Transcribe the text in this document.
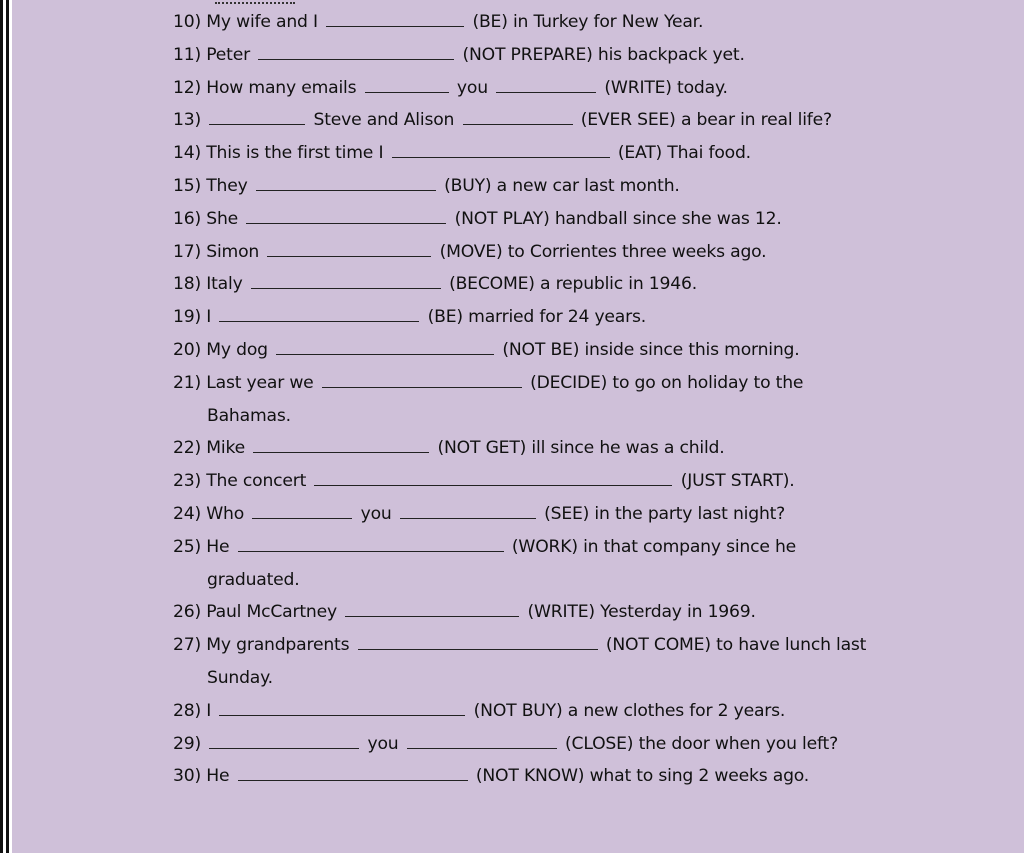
10) My wife and I	(BE) in Turkey for New Year.
11) Peter	(NOT PREPARE) his backpack yet.
12) How many emails	you	(WRITE) today.
13)	Steve and Alison	(EVER SEE) a bear in real life?
14) This is the first time I	(EAT) Thai food.
15) They	(BUY) a new car last month.
16) She	(NOT PLAY) handball since she was 12.
17) Simon	(MOVE) to Corrientes three weeks ago.
18) Italy	(BECOME) a republic in 1946.
19) I	(BE) married for 24 years.
20) My dog	(NOT BE) inside since this morning.
21) Last year we	(DECIDE) to go on holiday to the
Bahamas.
22) Mike	(NOT GET) ill since he was a child.
23) The concert	(JUST START).
24) Who	you	(SEE) in the party last night?
25) He	(WORK) in that company since he
graduated.
26) Paul McCartney	(WRITE) Yesterday in 1969.
27) My grandparents	(NOT COME) to have lunch last
Sunday.
28) I	(NOT BUY) a new clothes for 2 years.
29)	you	(CLOSE) the door when you left?
30) He	(NOT KNOW) what to sing 2 weeks ago.
